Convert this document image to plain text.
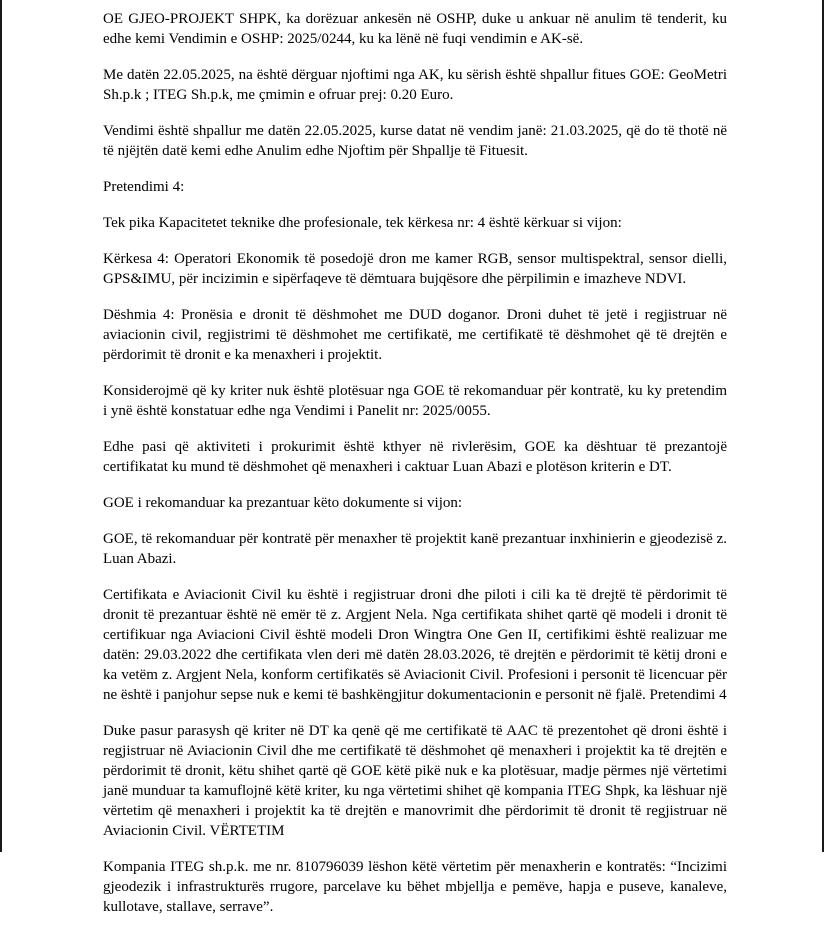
OE GJEO-PROJEKT SHPK, ka dorëzuar ankesën në OSHP, duke u ankuar në anulim të tenderit, ku edhe kemi Vendimin e OSHP: 2025/0244, ku ka lënë në fuqi vendimin e AK-së.

Me datën 22.05.2025, na është dërguar njoftimi nga AK, ku sërish është shpallur fitues GOE: GeoMetri Sh.p.k ; ITEG Sh.p.k, me çmimin e ofruar prej: 0.20 Euro.

Vendimi është shpallur me datën 22.05.2025, kurse datat në vendim janë: 21.03.2025, që do të thotë në të njëjtën datë kemi edhe Anulim edhe Njoftim për Shpallje të Fituesit.

Pretendimi 4:

Tek pika Kapacitetet teknike dhe profesionale, tek kërkesa nr: 4 është kërkuar si vijon:

Kërkesa 4: Operatori Ekonomik të posedojë dron me kamer RGB, sensor multispektral, sensor dielli, GPS&IMU, për incizimin e sipërfaqeve të dëmtuara bujqësore dhe përpilimin e imazheve NDVI.

Dëshmia 4: Pronësia e dronit të dëshmohet me DUD doganor. Droni duhet të jetë i regjistruar në aviacionin civil, regjistrimi të dëshmohet me certifikatë, me certifikatë të dëshmohet që të drejtën e përdorimit të dronit e ka menaxheri i projektit.

Konsiderojmë që ky kriter nuk është plotësuar nga GOE të rekomanduar për kontratë, ku ky pretendim i ynë është konstatuar edhe nga Vendimi i Panelit nr: 2025/0055.

Edhe pasi që aktiviteti i prokurimit është kthyer në rivlerësim, GOE ka dështuar të prezantojë certifikatat ku mund të dëshmohet që menaxheri i caktuar Luan Abazi e plotëson kriterin e DT.

GOE i rekomanduar ka prezantuar këto dokumente si vijon:

GOE, të rekomanduar për kontratë për menaxher të projektit kanë prezantuar inxhinierin e gjeodezisë z. Luan Abazi.

Certifikata e Aviacionit Civil ku është i regjistruar droni dhe piloti i cili ka të drejtë të përdorimit të dronit të prezantuar është në emër të z. Argjent Nela. Nga certifikata shihet qartë që modeli i dronit të certifikuar nga Aviacioni Civil është modeli Dron Wingtra One Gen II, certifikimi është realizuar me datën: 29.03.2022 dhe certifikata vlen deri më datën 28.03.2026, të drejtën e përdorimit të këtij droni e ka vetëm z. Argjent Nela, konform certifikatës së Aviacionit Civil. Profesioni i personit të licencuar për ne është i panjohur sepse nuk e kemi të bashkëngjitur dokumentacionin e personit në fjalë. Pretendimi 4

Duke pasur parasysh që kriter në DT ka qenë që me certifikatë të AAC të prezentohet që droni është i regjistruar në Aviacionin Civil dhe me certifikatë të dëshmohet që menaxheri i projektit ka të drejtën e përdorimit të dronit, këtu shihet qartë që GOE këtë pikë nuk e ka plotësuar, madje përmes një vërtetimi janë munduar ta kamuflojnë këtë kriter, ku nga vërtetimi shihet që kompania ITEG Shpk, ka lëshuar një vërtetim që menaxheri i projektit ka të drejtën e manovrimit dhe përdorimit të dronit të regjistruar në Aviacionin Civil. VËRTETIM

Kompania ITEG sh.p.k. me nr. 810796039 lëshon këtë vërtetim për menaxherin e kontratës: “Incizimi gjeodezik i infrastrukturës rrugore, parcelave ku bëhet mbjellja e pemëve, hapja e puseve, kanaleve, kullotave, stallave, serrave”.
